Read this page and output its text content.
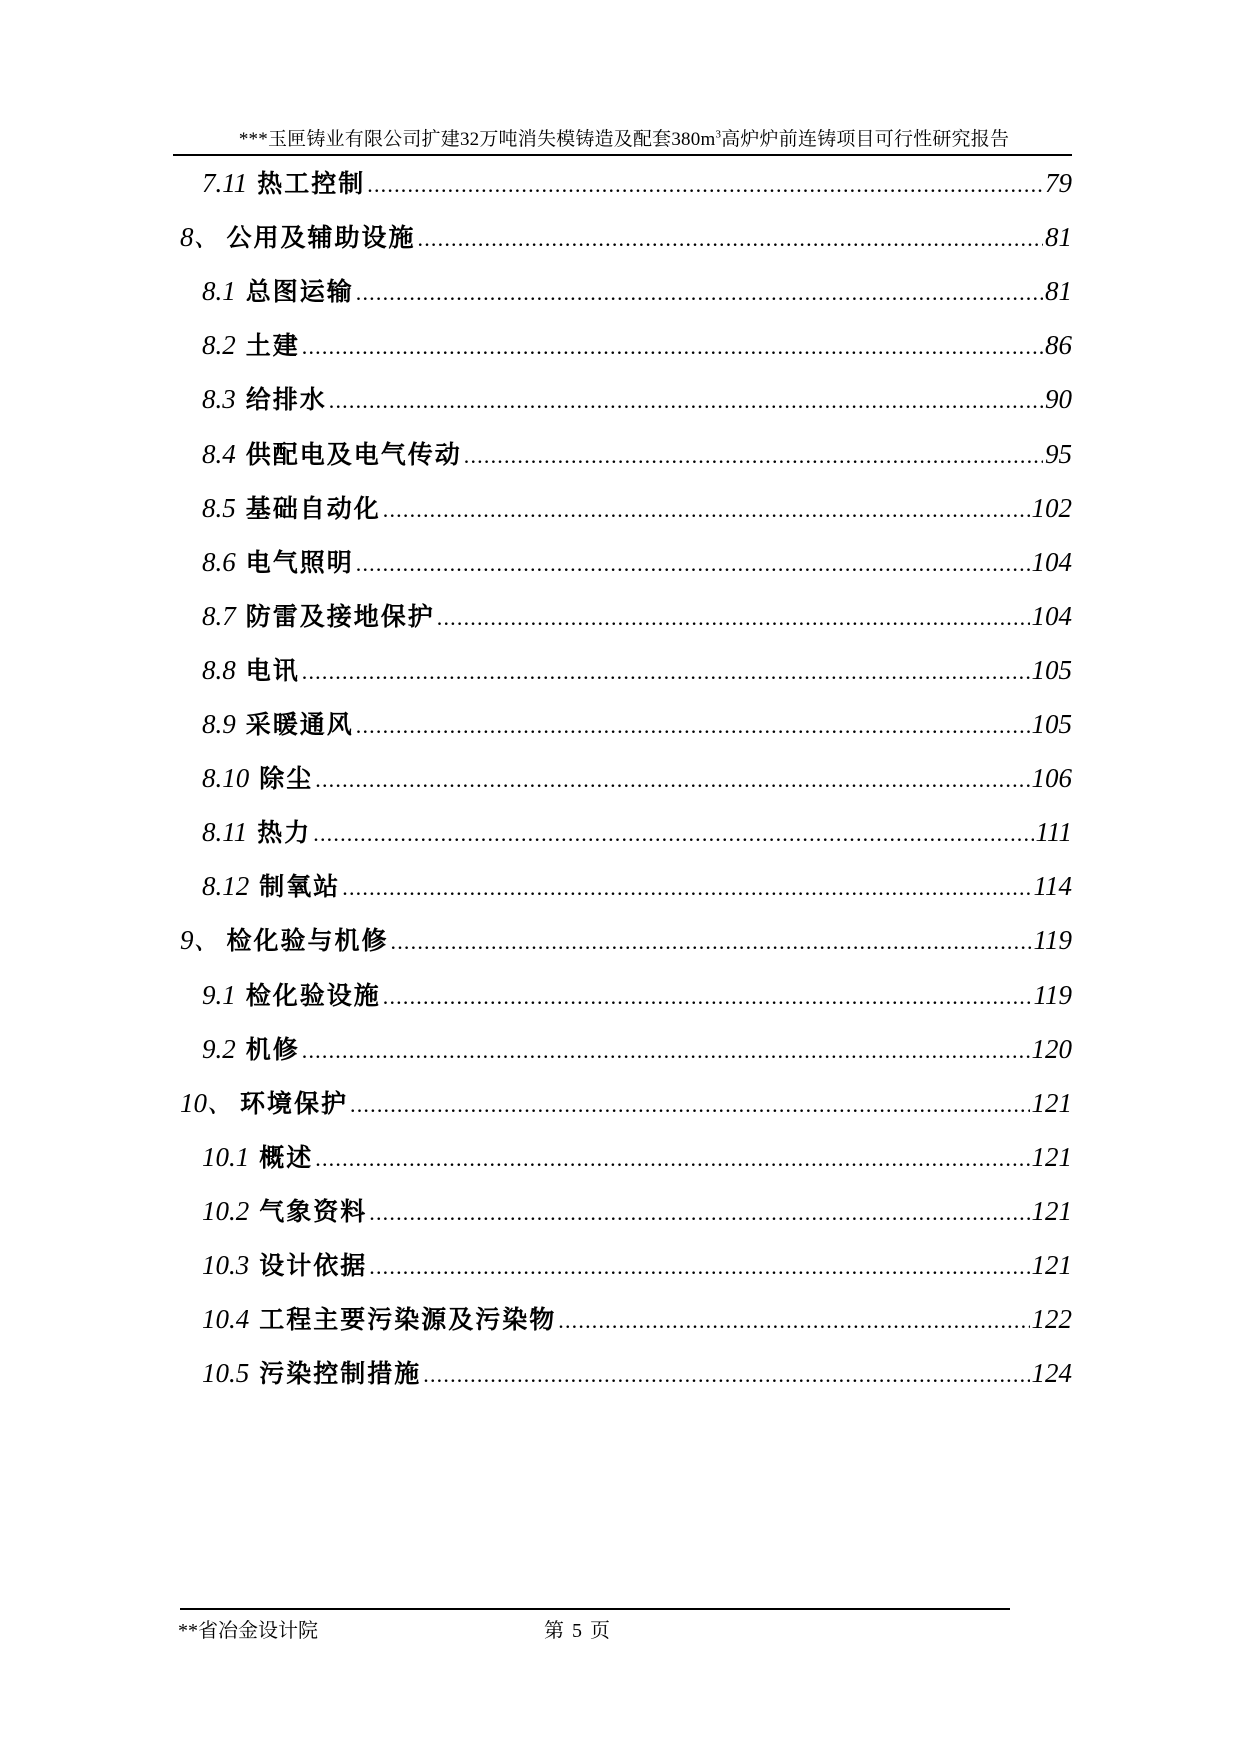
***玉匣铸业有限公司扩建32万吨消失模铸造及配套$380m^3$高炉炉前连铸项目可行性研究报告
7.11 热工控制 .....	79
8、 公用及辅助设施 .....	81
8.1 总图运输 .....	81
8.2 土建 .....	86
8.3 给排水 .....	90
8.4 供配电及电气传动 .....	95
8.5 基础自动化 .....	102
8.6 电气照明 .....	104
8.7 防雷及接地保护 .....	104
8.8 电讯 .....	105
8.9 采暖通风 .....	105
8.10 除尘 .....	106
8.11 热力 .....	111
8.12 制氧站 .....	114
9、 检化验与机修 .....	119
9.1 检化验设施 .....	119
9.2 机修 .....	120
10、 环境保护 .....	121
10.1 概述 .....	121
10.2 气象资料 .....	121
10.3 设计依据 .....	121
10.4 工程主要污染源及污染物 .....	122
10.5 污染控制措施 .....	124
**省冶金设计院	第 5 页
